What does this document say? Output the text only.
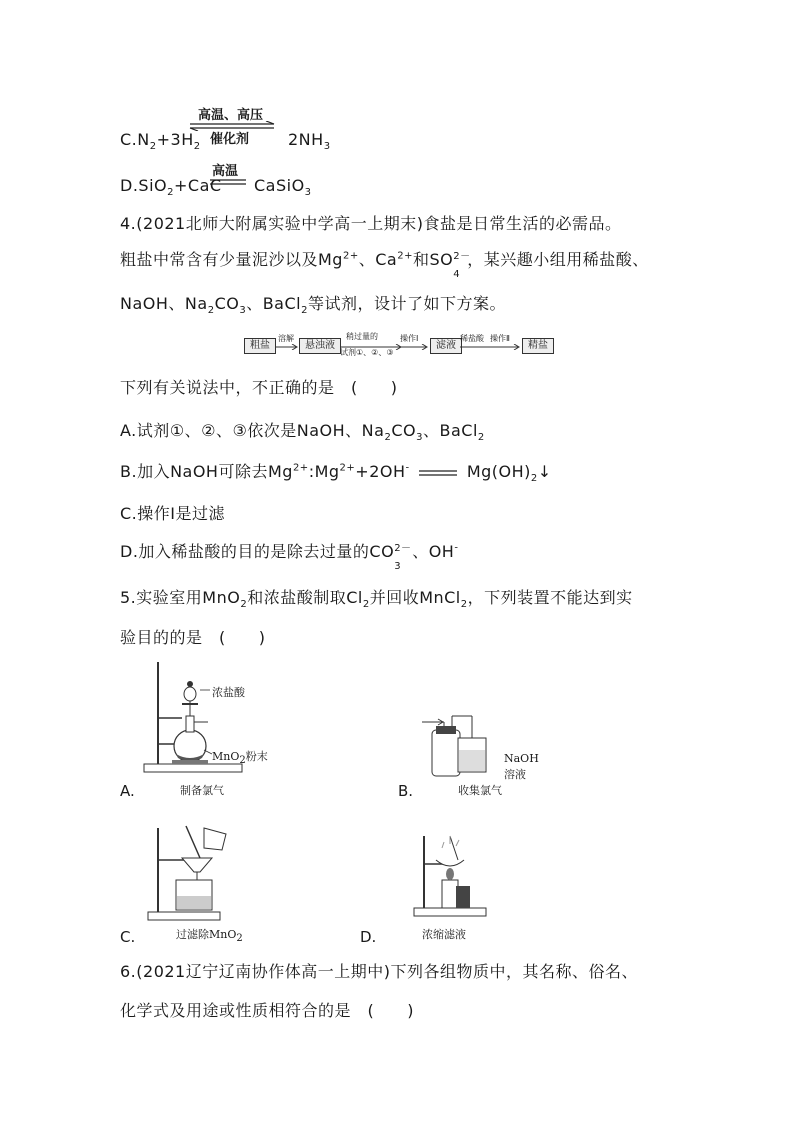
$C.N_2+3H_2$
高温、高压
催化剂 $2NH_3$
D.SiO$_2$+CaC
高温
CaSiO$_3$
4.(2021北师大附属实验中学高一上期末)食盐是日常生活的必需品。
粗盐中常含有少量泥沙以及$Mg^{2+}$、$Ca^{2+}$和SO 2－
4
，某兴趣小组用稀盐酸、
NaOH、$Na_2CO_3$、BaCl$_2$等试剂，设计了如下方案。
粗盐
溶解
悬浊液
稍过量的
试剂①、②、③
操作Ⅰ
滤液
稀盐酸 操作Ⅱ
精盐
下列有关说法中，不正确的是　(　　)
A.试剂①、②、③依次是NaOH、$Na_2CO_3$、BaCl$_2$
B.加入NaOH可除去$Mg^{2+}:Mg^{2+}+2OH^-$	$Mg(OH)_2↓$
C.操作Ⅰ是过滤
D.加入稀盐酸的目的是除去过量的CO 2－
3
、OH-
5.实验室用MnO$_2$和浓盐酸制取$Cl_2$并回收MnCl$_2$，下列装置不能达到实
验目的的是　(　　)
浓盐酸
MnO$_2$粉末
A.	制备氯气
NaOH
溶液
B.	收集氯气
C.	过滤除MnO$_2$	D.	浓缩滤液
6.(2021辽宁辽南协作体高一上期中)下列各组物质中，其名称、俗名、
化学式及用途或性质相符合的是　(　　)
